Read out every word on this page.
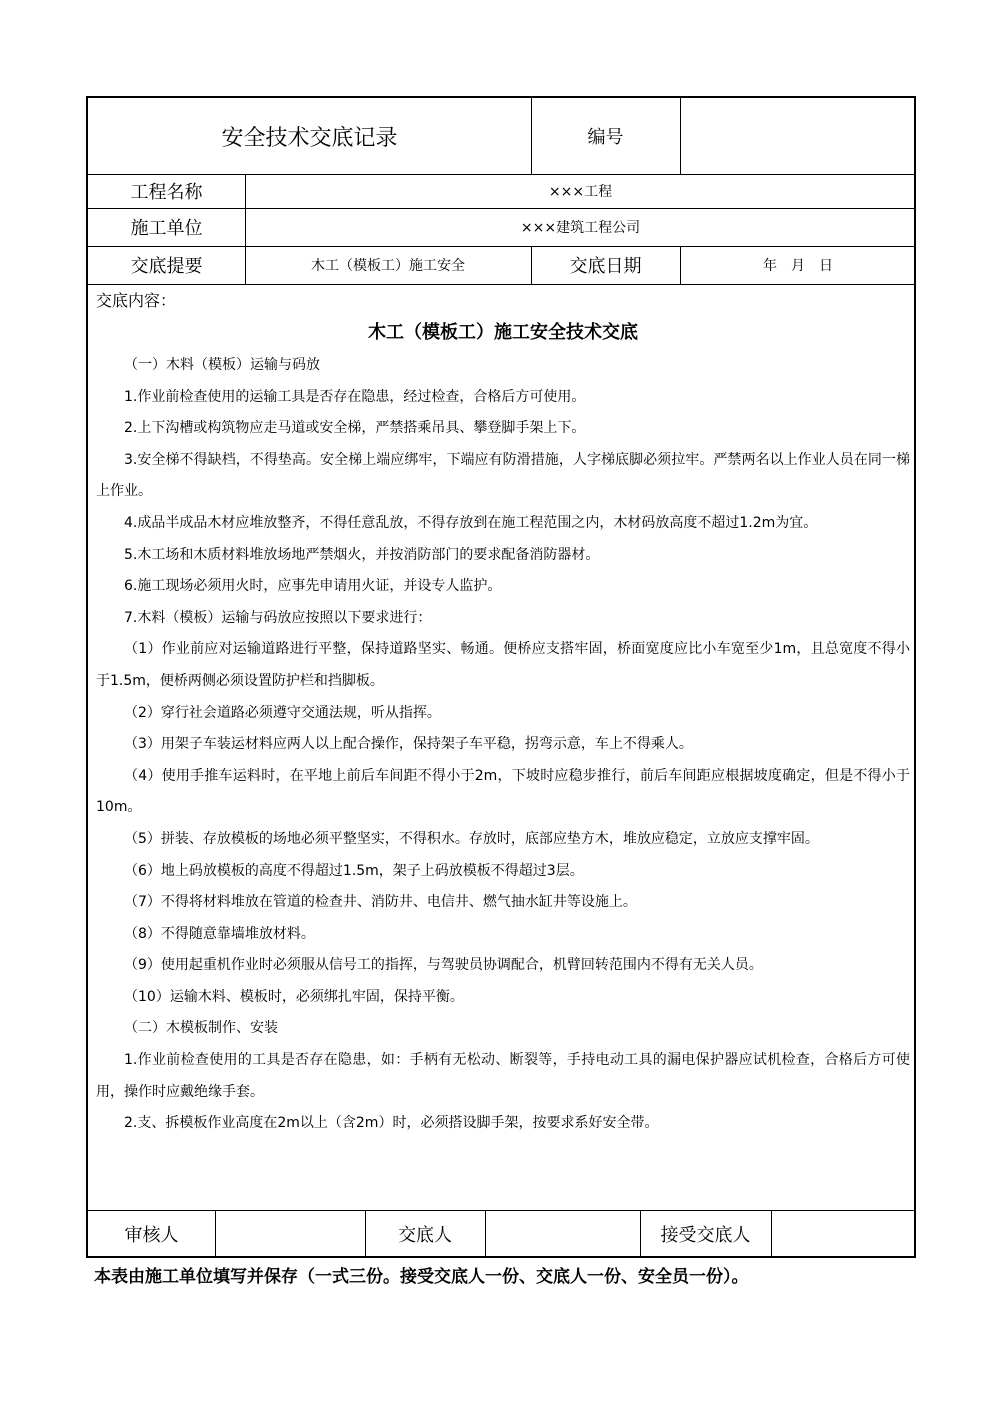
安全技术交底记录	编号
工程名称	×××工程
施工单位	×××建筑工程公司
交底提要	木工（模板工）施工安全	交底日期	年　月　日
交底内容：
木工（模板工）施工安全技术交底

（一）木料（模板）运输与码放

1.作业前检查使用的运输工具是否存在隐患，经过检查，合格后方可使用。

2.上下沟槽或构筑物应走马道或安全梯，严禁搭乘吊具、攀登脚手架上下。

3.安全梯不得缺档，不得垫高。安全梯上端应绑牢，下端应有防滑措施，人字梯底脚必须拉牢。严禁两名以上作业人员在同一梯上作业。

4.成品半成品木材应堆放整齐，不得任意乱放，不得存放到在施工程范围之内，木材码放高度不超过1.2m为宜。

5.木工场和木质材料堆放场地严禁烟火，并按消防部门的要求配备消防器材。

6.施工现场必须用火时，应事先申请用火证，并设专人监护。

7.木料（模板）运输与码放应按照以下要求进行：

（1）作业前应对运输道路进行平整，保持道路坚实、畅通。便桥应支搭牢固，桥面宽度应比小车宽至少1m，且总宽度不得小于1.5m，便桥两侧必须设置防护栏和挡脚板。

（2）穿行社会道路必须遵守交通法规，听从指挥。

（3）用架子车装运材料应两人以上配合操作，保持架子车平稳，拐弯示意，车上不得乘人。

（4）使用手推车运料时，在平地上前后车间距不得小于2m，下坡时应稳步推行，前后车间距应根据坡度确定，但是不得小于10m。

（5）拼装、存放模板的场地必须平整坚实，不得积水。存放时，底部应垫方木，堆放应稳定，立放应支撑牢固。

（6）地上码放模板的高度不得超过1.5m，架子上码放模板不得超过3层。

（7）不得将材料堆放在管道的检查井、消防井、电信井、燃气抽水缸井等设施上。

（8）不得随意靠墙堆放材料。

（9）使用起重机作业时必须服从信号工的指挥，与驾驶员协调配合，机臂回转范围内不得有无关人员。

（10）运输木料、模板时，必须绑扎牢固，保持平衡。

（二）木模板制作、安装

1.作业前检查使用的工具是否存在隐患，如：手柄有无松动、断裂等，手持电动工具的漏电保护器应试机检查，合格后方可使用，操作时应戴绝缘手套。

2.支、拆模板作业高度在2m以上（含2m）时，必须搭设脚手架，按要求系好安全带。

审核人	交底人	接受交底人
本表由施工单位填写并保存（一式三份。接受交底人一份、交底人一份、安全员一份）。
